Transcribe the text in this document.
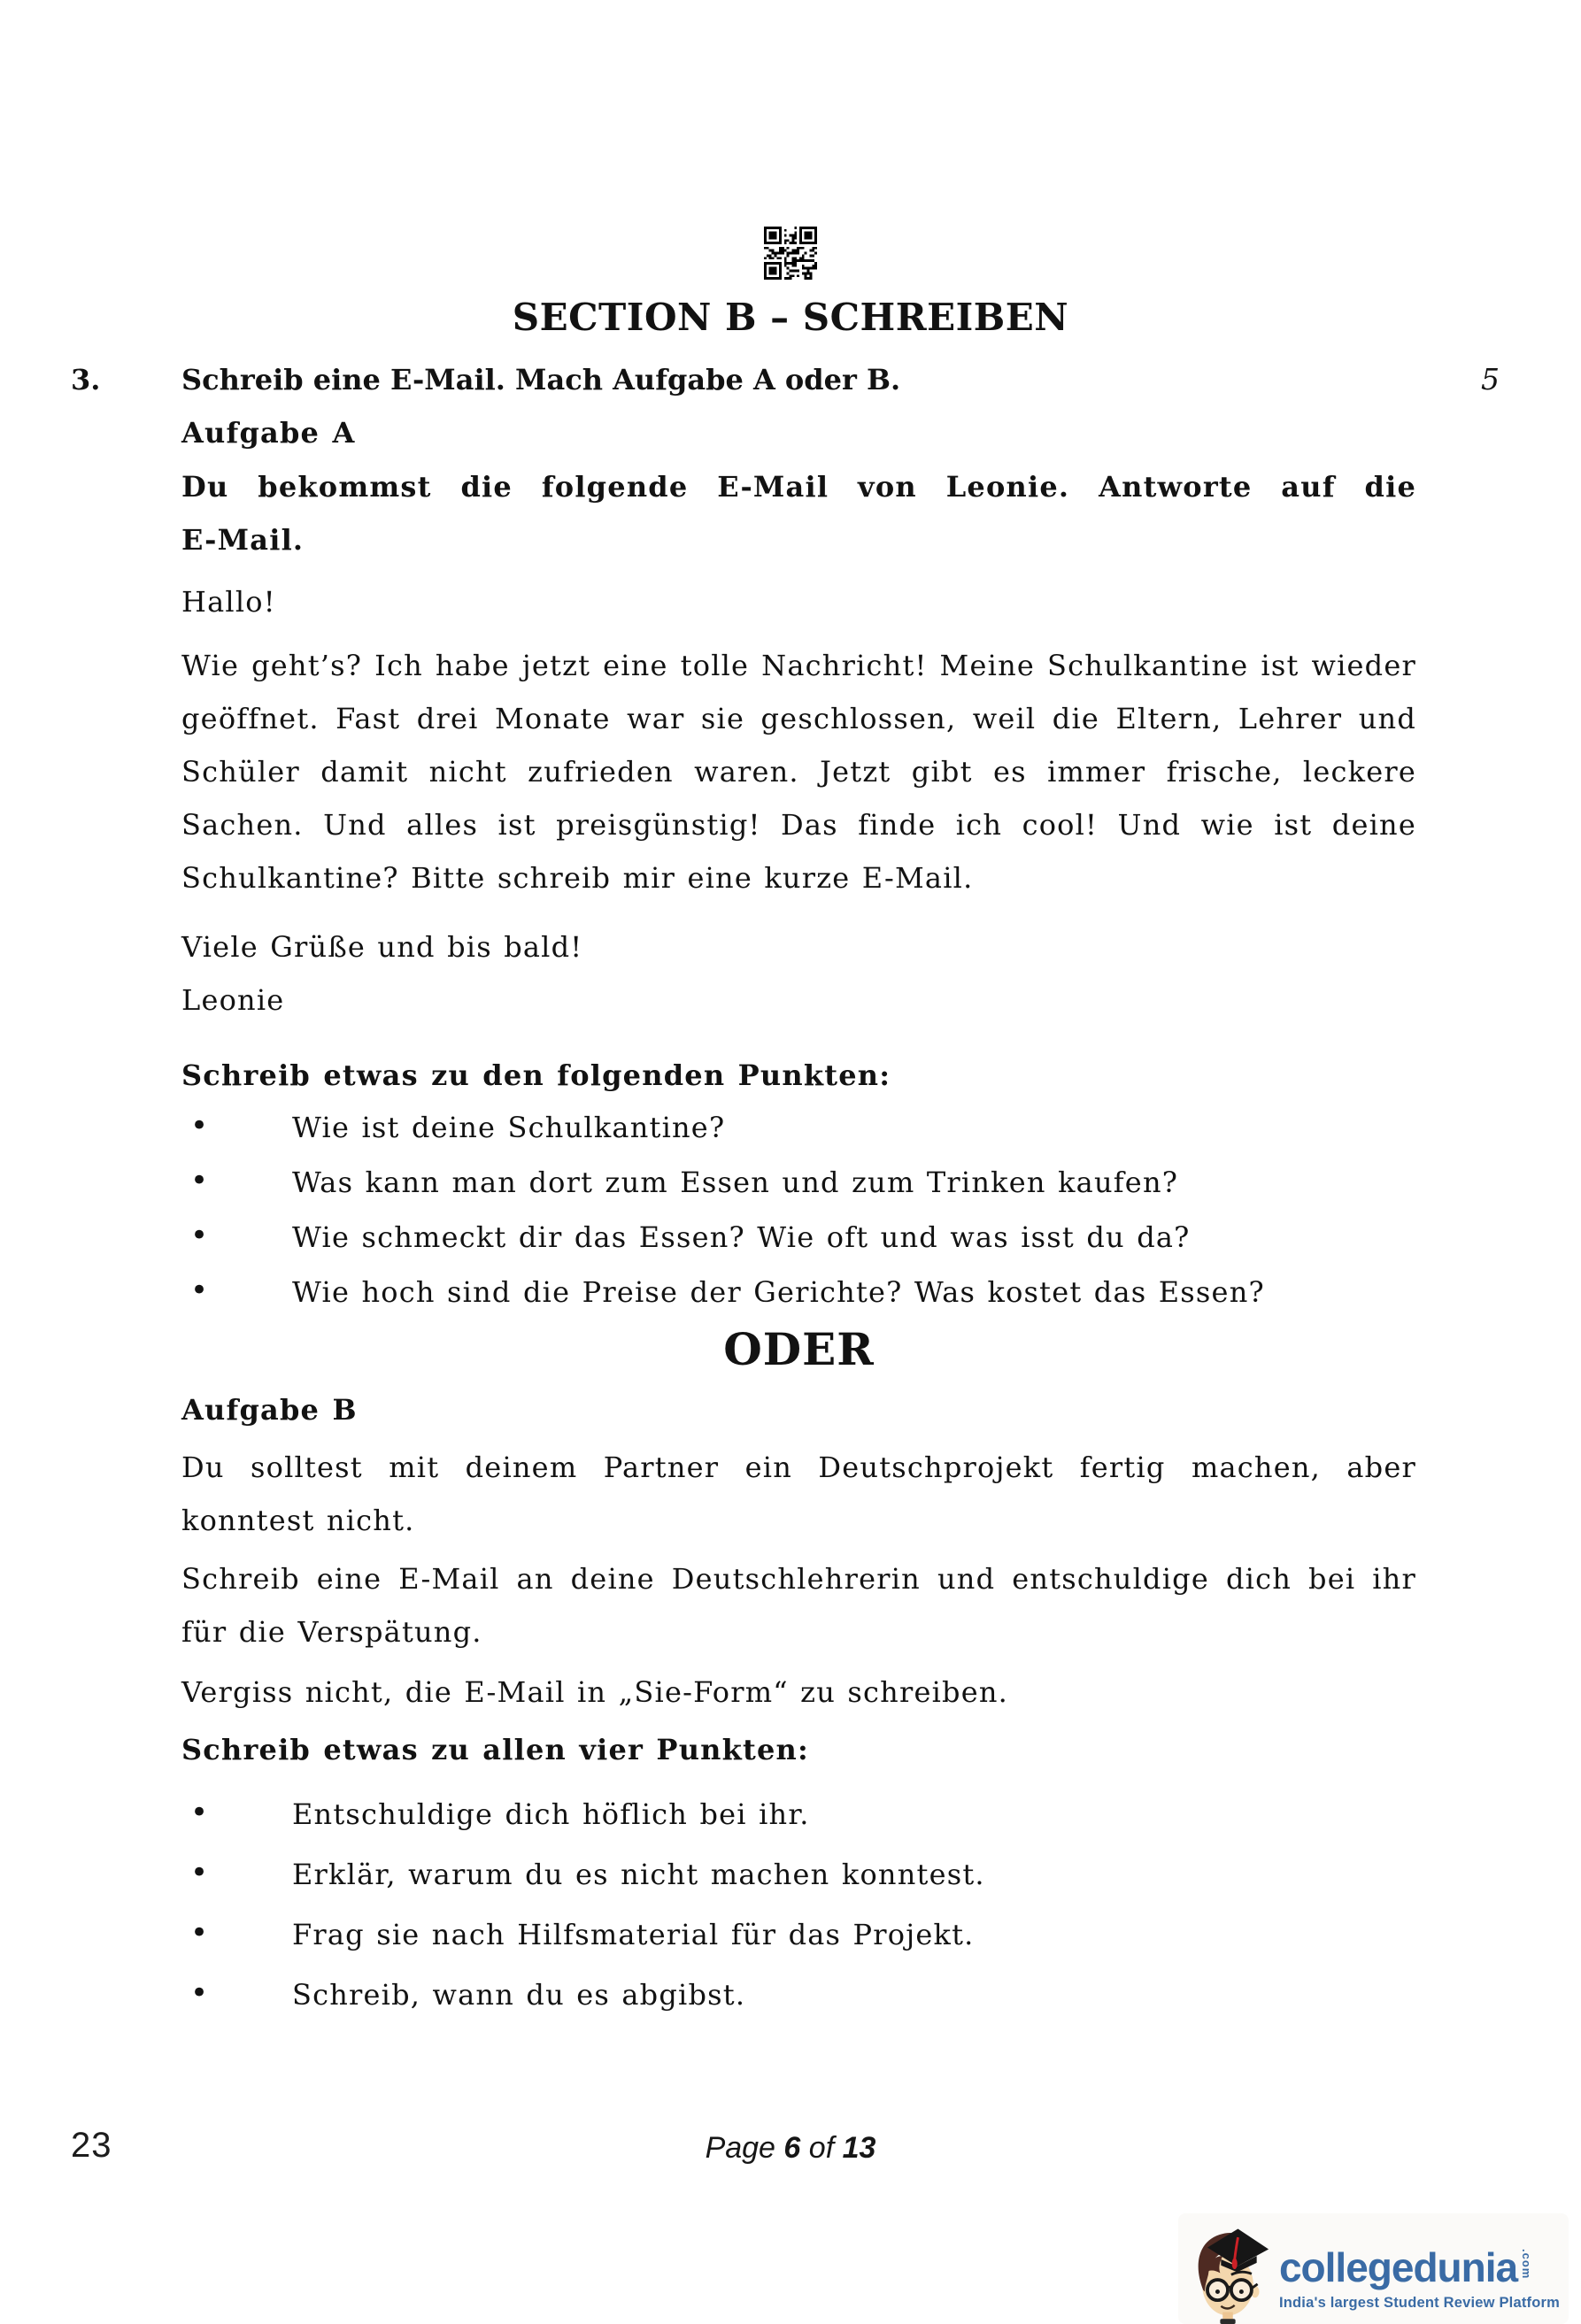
SECTION B – SCHREIBEN
3.	Schreib eine E-Mail. Mach Aufgabe A oder B.	5
Aufgabe A
Du bekommst die folgende E-Mail von Leonie. Antworte auf die
E-Mail.
Hallo!
Wie geht’s? Ich habe jetzt eine tolle Nachricht! Meine Schulkantine ist wieder geöffnet. Fast drei Monate war sie geschlossen, weil die Eltern, Lehrer und Schüler damit nicht zufrieden waren. Jetzt gibt es immer frische, leckere Sachen. Und alles ist preisgünstig! Das finde ich cool! Und wie ist deine Schulkantine? Bitte schreib mir eine kurze E-Mail.
Viele Grüße und bis bald!
Leonie
Schreib etwas zu den folgenden Punkten:
•	Wie ist deine Schulkantine?
•	Was kann man dort zum Essen und zum Trinken kaufen?
•	Wie schmeckt dir das Essen? Wie oft und was isst du da?
•	Wie hoch sind die Preise der Gerichte? Was kostet das Essen?
ODER
Aufgabe B
Du solltest mit deinem Partner ein Deutschprojekt fertig machen, aber konntest nicht.
Schreib eine E-Mail an deine Deutschlehrerin und entschuldige dich bei ihr für die Verspätung.
Vergiss nicht, die E-Mail in „Sie-Form“ zu schreiben.
Schreib etwas zu allen vier Punkten:
•	Entschuldige dich höflich bei ihr.
•	Erklär, warum du es nicht machen konntest.
•	Frag sie nach Hilfsmaterial für das Projekt.
•	Schreib, wann du es abgibst.
23	Page 6 of 13
collegedunia .com
India's largest Student Review Platform
